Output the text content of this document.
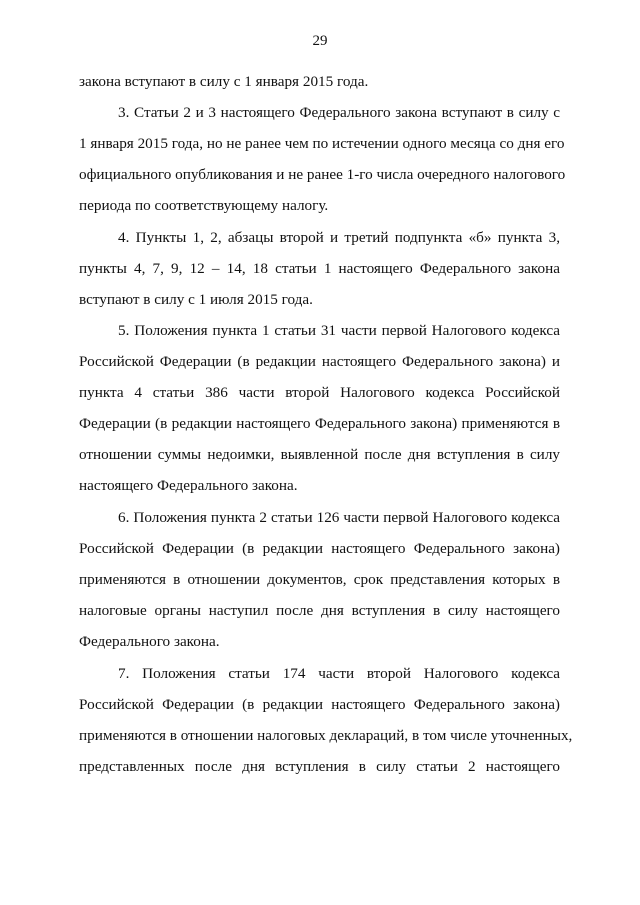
29
закона вступают в силу с 1 января 2015 года.
3. Статьи 2 и 3 настоящего Федерального закона вступают в силу с
1 января 2015 года, но не ранее чем по истечении одного месяца со дня его
официального опубликования и не ранее 1-го числа очередного налогового
периода по соответствующему налогу.
4. Пункты 1, 2, абзацы второй и третий подпункта «б» пункта 3,
пункты 4, 7, 9, 12 – 14, 18 статьи 1 настоящего Федерального закона
вступают в силу с 1 июля 2015 года.
5. Положения пункта 1 статьи 31 части первой Налогового кодекса
Российской Федерации (в редакции настоящего Федерального закона) и
пункта 4 статьи 386 части второй Налогового кодекса Российской
Федерации (в редакции настоящего Федерального закона) применяются в
отношении суммы недоимки, выявленной после дня вступления в силу
настоящего Федерального закона.
6. Положения пункта 2 статьи 126 части первой Налогового кодекса
Российской Федерации (в редакции настоящего Федерального закона)
применяются в отношении документов, срок представления которых в
налоговые органы наступил после дня вступления в силу настоящего
Федерального закона.
7. Положения статьи 174 части второй Налогового кодекса
Российской Федерации (в редакции настоящего Федерального закона)
применяются в отношении налоговых деклараций, в том числе уточненных,
представленных после дня вступления в силу статьи 2 настоящего
